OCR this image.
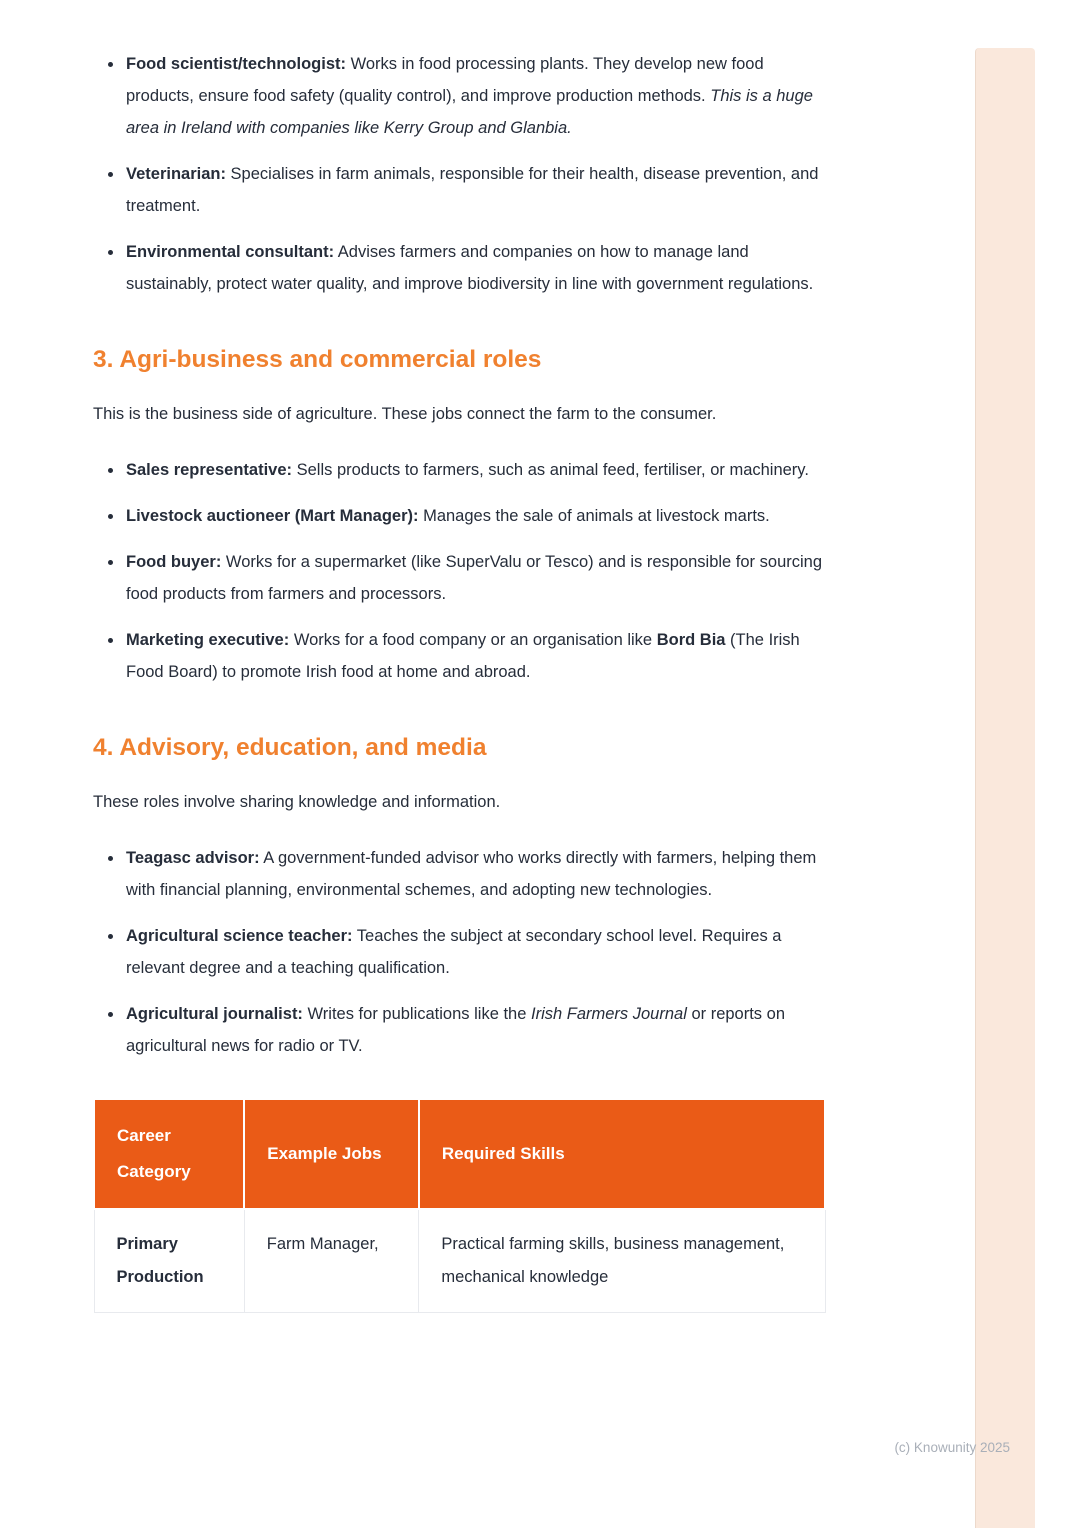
• Food scientist/technologist: Works in food processing plants. They develop new food products, ensure food safety (quality control), and improve production methods. This is a huge area in Ireland with companies like Kerry Group and Glanbia.
• Veterinarian: Specialises in farm animals, responsible for their health, disease prevention, and treatment.
• Environmental consultant: Advises farmers and companies on how to manage land sustainably, protect water quality, and improve biodiversity in line with government regulations.
3. Agri-business and commercial roles

This is the business side of agriculture. These jobs connect the farm to the consumer.

• Sales representative: Sells products to farmers, such as animal feed, fertiliser, or machinery.
• Livestock auctioneer (Mart Manager): Manages the sale of animals at livestock marts.
• Food buyer: Works for a supermarket (like SuperValu or Tesco) and is responsible for sourcing food products from farmers and processors.
• Marketing executive: Works for a food company or an organisation like Bord Bia (The Irish Food Board) to promote Irish food at home and abroad.
4. Advisory, education, and media

These roles involve sharing knowledge and information.

• Teagasc advisor: A government-funded advisor who works directly with farmers, helping them with financial planning, environmental schemes, and adopting new technologies.
• Agricultural science teacher: Teaches the subject at secondary school level. Requires a relevant degree and a teaching qualification.
• Agricultural journalist: Writes for publications like the Irish Farmers Journal or reports on agricultural news for radio or TV.
Career Category	Example Jobs	Required Skills
Primary Production	Farm Manager,	Practical farming skills, business management, mechanical knowledge
(c) Knowunity 2025
